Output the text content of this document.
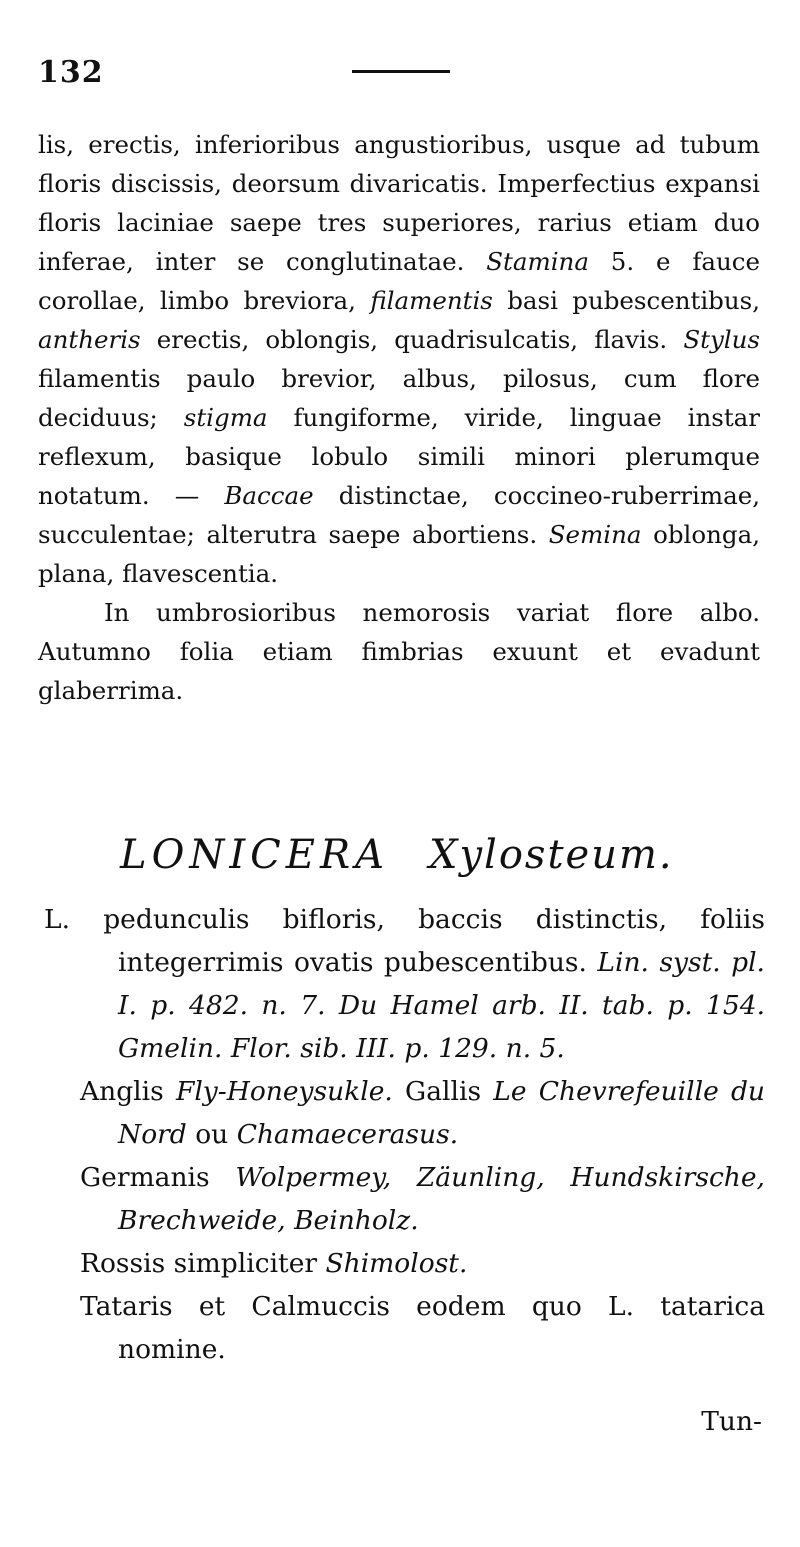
132

lis, erectis, inferioribus angustioribus, usque ad tubum floris discissis, deorsum divaricatis. Imperfectius expansi floris laciniae saepe tres superiores, rarius etiam duo inferae, inter se conglutinatae. Stamina 5. e fauce corollae, limbo breviora, filamentis basi pubescentibus, antheris erectis, oblongis, quadrisulcatis, flavis. Stylus filamentis paulo brevior, albus, pilosus, cum flore deciduus; stigma fungiforme, viride, linguae instar reflexum, basique lobulo simili minori plerumque notatum. — Baccae distinctae, coccineo-ruberrimae, succulentae; alterutra saepe abortiens. Semina oblonga, plana, flavescentia.

In umbrosioribus nemorosis variat flore albo. Autumno folia etiam fimbrias exuunt et evadunt glaberrima.

LONICERA Xylosteum.

L. pedunculis bifloris, baccis distinctis, foliis integerrimis ovatis pubescentibus. Lin. syst. pl. I. p. 482. n. 7. Du Hamel arb. II. tab. p. 154. Gmelin. Flor. sib. III. p. 129. n. 5.

Anglis Fly-Honeysukle. Gallis Le Chevrefeuille du Nord ou Chamaecerasus.

Germanis Wolpermey, Zäunling, Hundskirsche, Brechweide, Beinholz.

Rossis simpliciter Shimolost.

Tataris et Calmuccis eodem quo L. tatarica nomine.

Tun-
